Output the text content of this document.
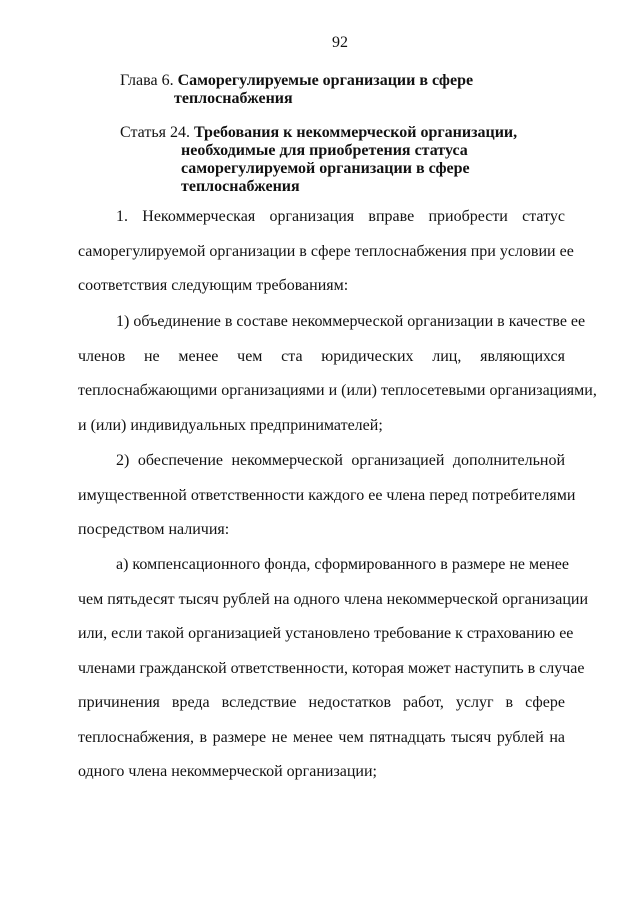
92
Глава 6. Саморегулируемые организации в сфере
теплоснабжения
Статья 24. Требования к некоммерческой организации,
необходимые для приобретения статуса
саморегулируемой организации в сфере
теплоснабжения
1. Некоммерческая организация вправе приобрести статус
саморегулируемой организации в сфере теплоснабжения при условии ее
соответствия следующим требованиям:
1) объединение в составе некоммерческой организации в качестве ее
членов не менее чем ста юридических лиц, являющихся
теплоснабжающими организациями и (или) теплосетевыми организациями,
и (или) индивидуальных предпринимателей;
2) обеспечение некоммерческой организацией дополнительной
имущественной ответственности каждого ее члена перед потребителями
посредством наличия:
а) компенсационного фонда, сформированного в размере не менее
чем пятьдесят тысяч рублей на одного члена некоммерческой организации
или, если такой организацией установлено требование к страхованию ее
членами гражданской ответственности, которая может наступить в случае
причинения вреда вследствие недостатков работ, услуг в сфере
теплоснабжения, в размере не менее чем пятнадцать тысяч рублей на
одного члена некоммерческой организации;
